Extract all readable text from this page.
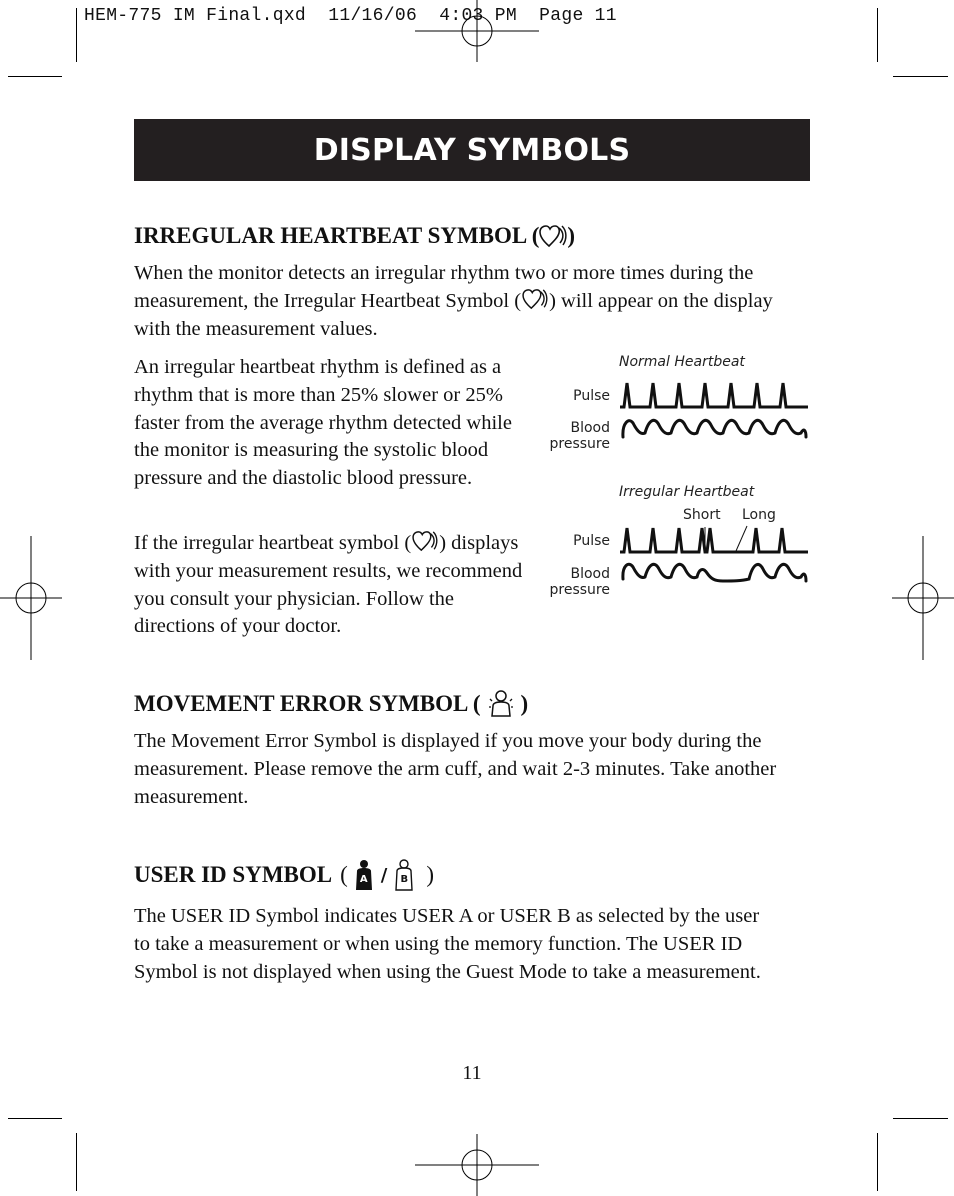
HEM-775 IM Final.qxd  11/16/06  4:03 PM  Page 11
DISPLAY SYMBOLS
IRREGULAR HEARTBEAT SYMBOL ( )

When the monitor detects an irregular rhythm two or more times during the measurement, the Irregular Heartbeat Symbol ( ) will appear on the display with the measurement values.

An irregular heartbeat rhythm is defined as a rhythm that is more than 25% slower or 25% faster from the average rhythm detected while the monitor is measuring the systolic blood pressure and the diastolic blood pressure.

If the irregular heartbeat symbol ( ) displays with your measurement results, we recommend you consult your physician. Follow the directions of your doctor.

Normal Heartbeat
Pulse
Blood
pressure
Irregular Heartbeat
Short Long
Pulse
Blood
pressure
MOVEMENT ERROR SYMBOL ( )

The Movement Error Symbol is displayed if you move your body during the measurement. Please remove the arm cuff, and wait 2-3 minutes. Take another measurement.

USER ID SYMBOL (	A /	B )

The USER ID Symbol indicates USER A or USER B as selected by the user to take a measurement or when using the memory function. The USER ID Symbol is not displayed when using the Guest Mode to take a measurement.

11
